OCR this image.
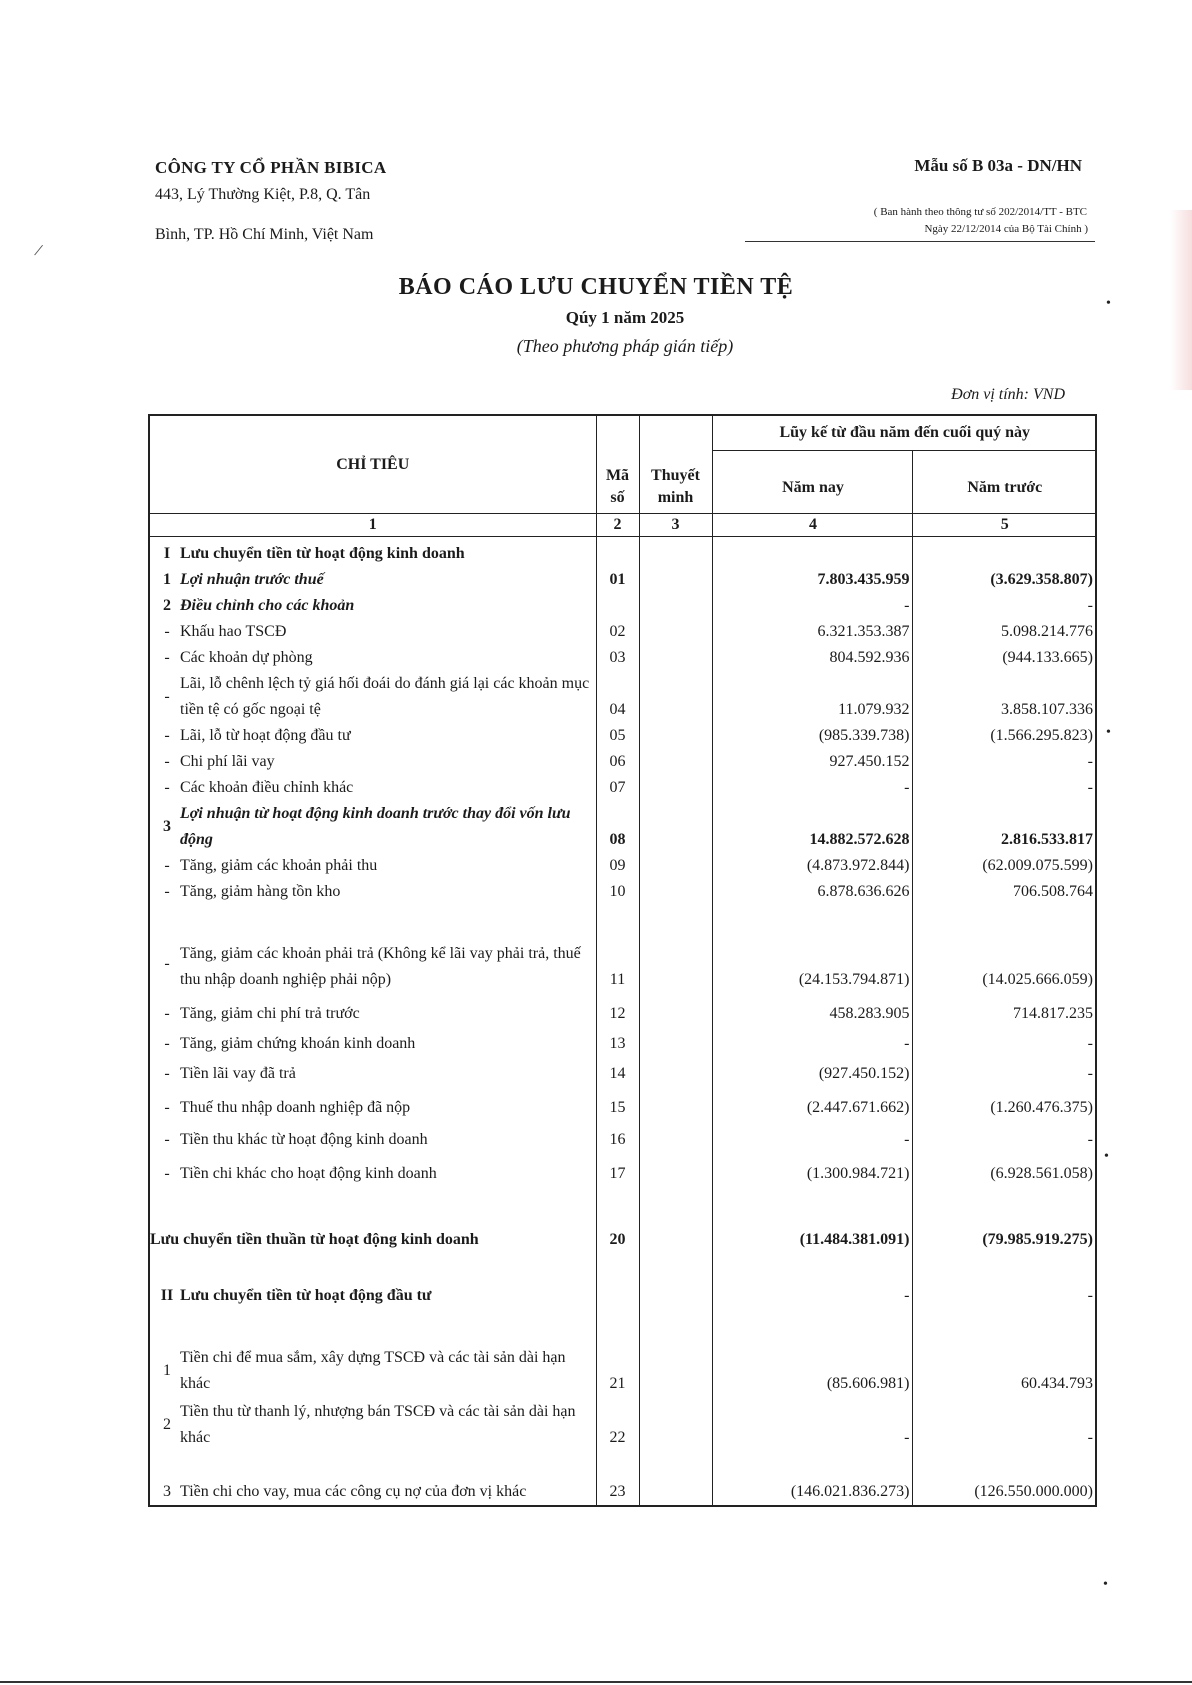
CÔNG TY CỔ PHẦN BIBICA
443, Lý Thường Kiệt, P.8, Q. Tân
Bình, TP. Hồ Chí Minh, Việt Nam
Mẫu số B 03a - DN/HN
( Ban hành theo thông tư số 202/2014/TT - BTC
Ngày 22/12/2014 của Bộ Tài Chính )
BÁO CÁO LƯU CHUYỂN TIỀN TỆ
Qúy 1 năm 2025
(Theo phương pháp gián tiếp)
Đơn vị tính: VND
/
•
•
•
•
CHỈ TIÊU	Mã số	Thuyết minh	Lũy kế từ đầu năm đến cuối quý này	
			Năm nay	Năm trước
1	2	3	4	5

I Lưu chuyển tiền từ hoạt động kinh doanh				

1 Lợi nhuận trước thuế	01		7.803.435.959	(3.629.358.807)

2 Điều chỉnh cho các khoản			-	-

- Khấu hao TSCĐ	02		6.321.353.387	5.098.214.776

- Các khoản dự phòng	03		804.592.936	(944.133.665)

-
Lãi, lỗ chênh lệch tỷ giá hối đoái do đánh giá lại các khoản mục tiền tệ có gốc ngoại tệ	04		11.079.932	3.858.107.336

- Lãi, lỗ từ hoạt động đầu tư	05		(985.339.738)	(1.566.295.823)

- Chi phí lãi vay	06		927.450.152	-

- Các khoản điều chỉnh khác	07		-	-

3
Lợi nhuận từ hoạt động kinh doanh trước thay đổi vốn lưu động	08		14.882.572.628	2.816.533.817

- Tăng, giảm các khoản phải thu	09		(4.873.972.844)	(62.009.075.599)

- Tăng, giảm hàng tồn kho	10		6.878.636.626	706.508.764

-
Tăng, giảm các khoản phải trả (Không kể lãi vay phải trả, thuế thu nhập doanh nghiệp phải nộp)	11		(24.153.794.871)	(14.025.666.059)

- Tăng, giảm chi phí trả trước	12		458.283.905	714.817.235

- Tăng, giảm chứng khoán kinh doanh	13		-	-

- Tiền lãi vay đã trả	14		(927.450.152)	-

- Thuế thu nhập doanh nghiệp đã nộp	15		(2.447.671.662)	(1.260.476.375)

- Tiền thu khác từ hoạt động kinh doanh	16		-	-

- Tiền chi khác cho hoạt động kinh doanh	17		(1.300.984.721)	(6.928.561.058)

Lưu chuyển tiền thuần từ hoạt động kinh doanh	20		(11.484.381.091)	(79.985.919.275)

II Lưu chuyển tiền từ hoạt động đầu tư			-	-

1
Tiền chi để mua sắm, xây dựng TSCĐ và các tài sản dài hạn khác	21		(85.606.981)	60.434.793

2
Tiền thu từ thanh lý, nhượng bán TSCĐ và các tài sản dài hạn khác	22		-	-

3 Tiền chi cho vay, mua các công cụ nợ của đơn vị khác	23		(146.021.836.273)	(126.550.000.000)
